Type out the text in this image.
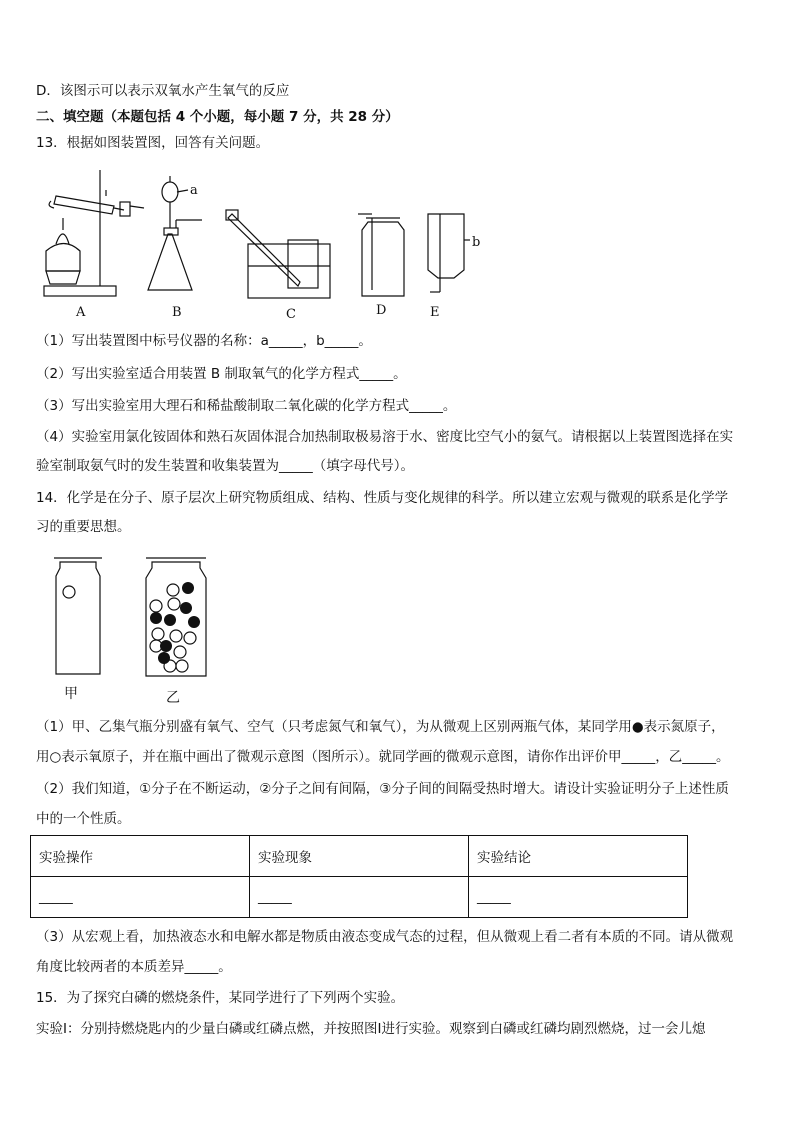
D．该图示可以表示双氧水产生氧气的反应
二、填空题（本题包括 4 个小题，每小题 7 分，共 28 分）
13．根据如图装置图，回答有关问题。
A	B	C	D	E
a
b
（1）写出装置图中标号仪器的名称：a_____，b_____。
（2）写出实验室适合用装置 B 制取氧气的化学方程式_____。
（3）写出实验室用大理石和稀盐酸制取二氧化碳的化学方程式_____。
（4）实验室用氯化铵固体和熟石灰固体混合加热制取极易溶于水、密度比空气小的氨气。请根据以上装置图选择在实
验室制取氨气时的发生装置和收集装置为_____（填字母代号）。
14．化学是在分子、原子层次上研究物质组成、结构、性质与变化规律的科学。所以建立宏观与微观的联系是化学学
习的重要思想。
甲	乙
（1）甲、乙集气瓶分别盛有氧气、空气（只考虑氮气和氧气），为从微观上区别两瓶气体，某同学用●表示氮原子，
用○表示氧原子，并在瓶中画出了微观示意图（图所示）。就同学画的微观示意图，请你作出评价甲_____，乙_____。
（2）我们知道，①分子在不断运动，②分子之间有间隔，③分子间的间隔受热时增大。请设计实验证明分子上述性质
中的一个性质。
实验操作	实验现象	实验结论
_____	_____	_____
（3）从宏观上看，加热液态水和电解水都是物质由液态变成气态的过程，但从微观上看二者有本质的不同。请从微观
角度比较两者的本质差异_____。
15．为了探究白磷的燃烧条件，某同学进行了下列两个实验。
实验Ⅰ：分别持燃烧匙内的少量白磷或红磷点燃，并按照图Ⅰ进行实验。观察到白磷或红磷均剧烈燃烧，过一会儿熄
